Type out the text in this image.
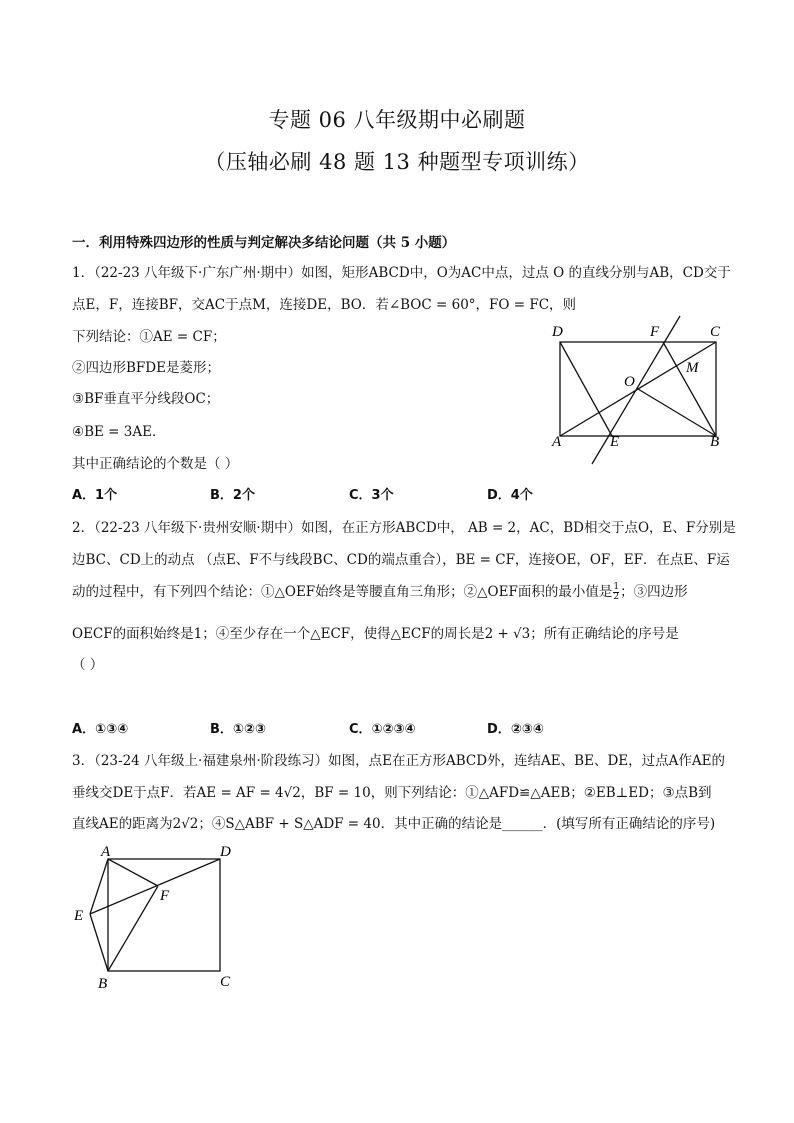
专题 06 八年级期中必刷题
（压轴必刷 48 题 13 种题型专项训练）
一．利用特殊四边形的性质与判定解决多结论问题（共 5 小题）
1．（22-23 八年级下·广东广州·期中）如图，矩形ABCD中，O为AC中点，过点 O 的直线分别与AB，CD交于
点E，F，连接BF，交AC于点M，连接DE，BO．若∠BOC = 60°，FO = FC，则
下列结论：①AE = CF；
②四边形BFDE是菱形；
③BF垂直平分线段OC；
④BE = 3AE．
其中正确结论的个数是（ ）
A．1个	B．2个	C．3个	D．4个
D	F	C
O
M
A	E	B
2．（22-23 八年级下·贵州安顺·期中）如图，在正方形ABCD中， AB = 2，AC，BD相交于点O，E、F分别是
边BC、CD上的动点 （点E、F不与线段BC、CD的端点重合），BE = CF，连接OE，OF，EF．在点E、F运
动的过程中，有下列四个结论：①△OEF始终是等腰直角三角形；②△OEF面积的最小值是 $\frac{1}{2}$ ；③四边形
OECF的面积始终是1；④至少存在一个△ECF，使得△ECF的周长是2 + √3；所有正确结论的序号是
（ ）
A．①③④	B．①②③	C．①②③④	D．②③④
3．（23-24 八年级上·福建泉州·阶段练习）如图，点E在正方形ABCD外，连结AE、BE、DE，过点A作AE的
垂线交DE于点F．若AE = AF = 4√2，BF = 10，则下列结论：①△AFD≌△AEB；②EB⊥ED；③点B到
直线AE的距离为2√2；④S△ABF + S△ADF = 40．其中正确的结论是______．(填写所有正确结论的序号)
A	D
F
E
B	C
